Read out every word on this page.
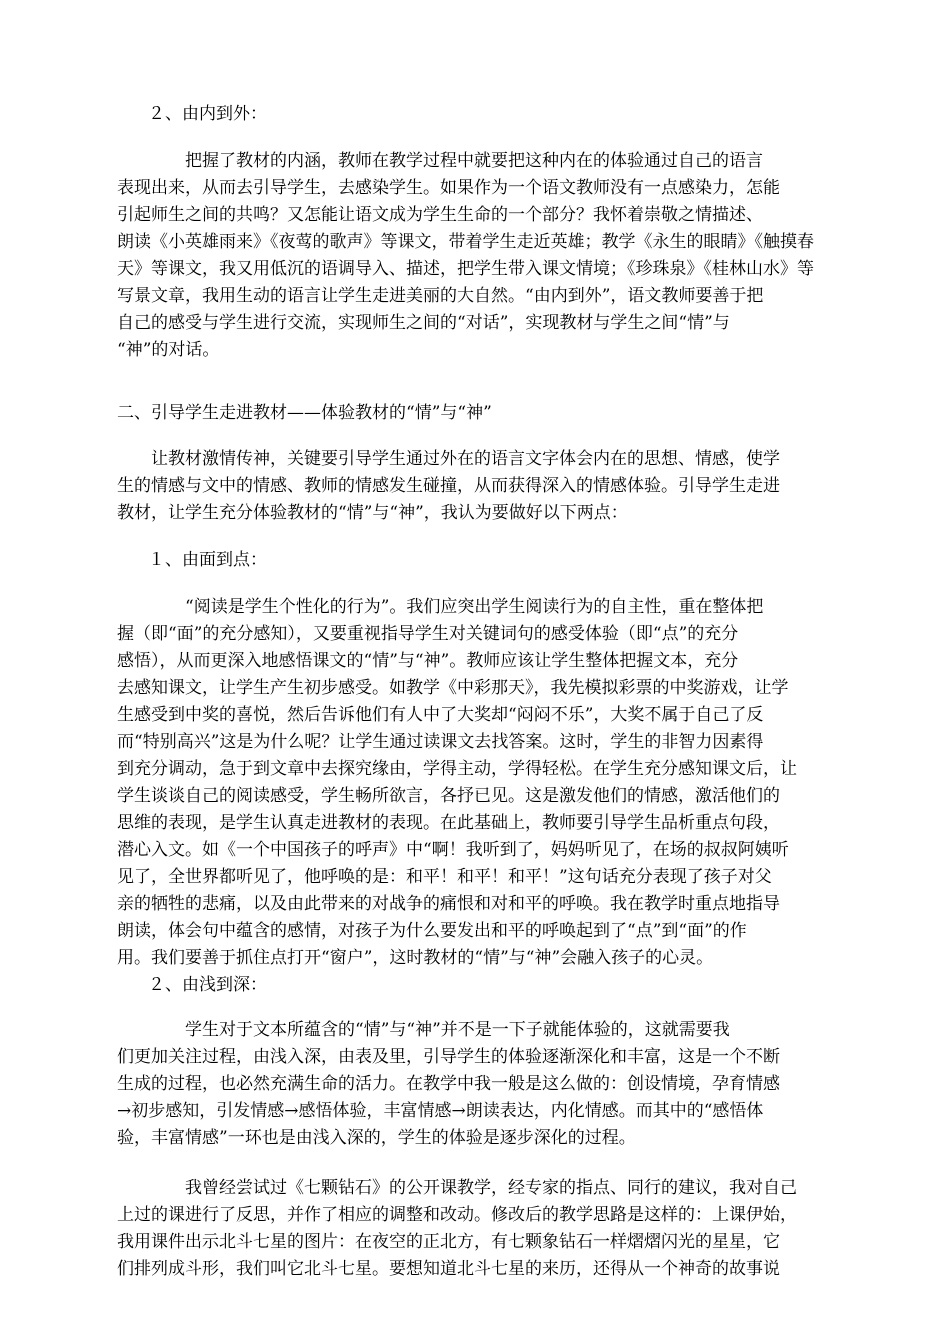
２、由内到外：
把握了教材的内涵，教师在教学过程中就要把这种内在的体验通过自己的语言
表现出来，从而去引导学生，去感染学生。如果作为一个语文教师没有一点感染力，怎能
引起师生之间的共鸣？又怎能让语文成为学生生命的一个部分？我怀着崇敬之情描述、
朗读《小英雄雨来》《夜莺的歌声》等课文，带着学生走近英雄；教学《永生的眼睛》《触摸春
天》等课文，我又用低沉的语调导入、描述，把学生带入课文情境；《珍珠泉》《桂林山水》等
写景文章，我用生动的语言让学生走进美丽的大自然。“由内到外”，语文教师要善于把
自己的感受与学生进行交流，实现师生之间的“对话”，实现教材与学生之间“情”与
“神”的对话。
二、引导学生走进教材——体验教材的“情”与“神”
让教材激情传神，关键要引导学生通过外在的语言文字体会内在的思想、情感，使学
生的情感与文中的情感、教师的情感发生碰撞，从而获得深入的情感体验。引导学生走进
教材，让学生充分体验教材的“情”与“神”，我认为要做好以下两点：
１、由面到点：
“阅读是学生个性化的行为”。我们应突出学生阅读行为的自主性，重在整体把
握（即“面”的充分感知），又要重视指导学生对关键词句的感受体验（即“点”的充分
感悟），从而更深入地感悟课文的“情”与“神”。教师应该让学生整体把握文本，充分
去感知课文，让学生产生初步感受。如教学《中彩那天》，我先模拟彩票的中奖游戏，让学
生感受到中奖的喜悦，然后告诉他们有人中了大奖却“闷闷不乐”，大奖不属于自己了反
而“特别高兴”这是为什么呢？让学生通过读课文去找答案。这时，学生的非智力因素得
到充分调动，急于到文章中去探究缘由，学得主动，学得轻松。在学生充分感知课文后，让
学生谈谈自己的阅读感受，学生畅所欲言，各抒已见。这是激发他们的情感，激活他们的
思维的表现，是学生认真走进教材的表现。在此基础上，教师要引导学生品析重点句段，
潜心入文。如《一个中国孩子的呼声》中“啊！我听到了，妈妈听见了，在场的叔叔阿姨听
见了，全世界都听见了，他呼唤的是：和平！和平！和平！”这句话充分表现了孩子对父
亲的牺牲的悲痛，以及由此带来的对战争的痛恨和对和平的呼唤。我在教学时重点地指导
朗读，体会句中蕴含的感情，对孩子为什么要发出和平的呼唤起到了“点”到“面”的作
用。我们要善于抓住点打开“窗户”，这时教材的“情”与“神”会融入孩子的心灵。
２、由浅到深：
学生对于文本所蕴含的“情”与“神”并不是一下子就能体验的，这就需要我
们更加关注过程，由浅入深，由表及里，引导学生的体验逐渐深化和丰富，这是一个不断
生成的过程，也必然充满生命的活力。在教学中我一般是这么做的：创设情境，孕育情感
→初步感知，引发情感→感悟体验，丰富情感→朗读表达，内化情感。而其中的“感悟体
验，丰富情感”一环也是由浅入深的，学生的体验是逐步深化的过程。
我曾经尝试过《七颗钻石》的公开课教学，经专家的指点、同行的建议，我对自己
上过的课进行了反思，并作了相应的调整和改动。修改后的教学思路是这样的：上课伊始，
我用课件出示北斗七星的图片：在夜空的正北方，有七颗象钻石一样熠熠闪光的星星，它
们排列成斗形，我们叫它北斗七星。要想知道北斗七星的来历，还得从一个神奇的故事说
